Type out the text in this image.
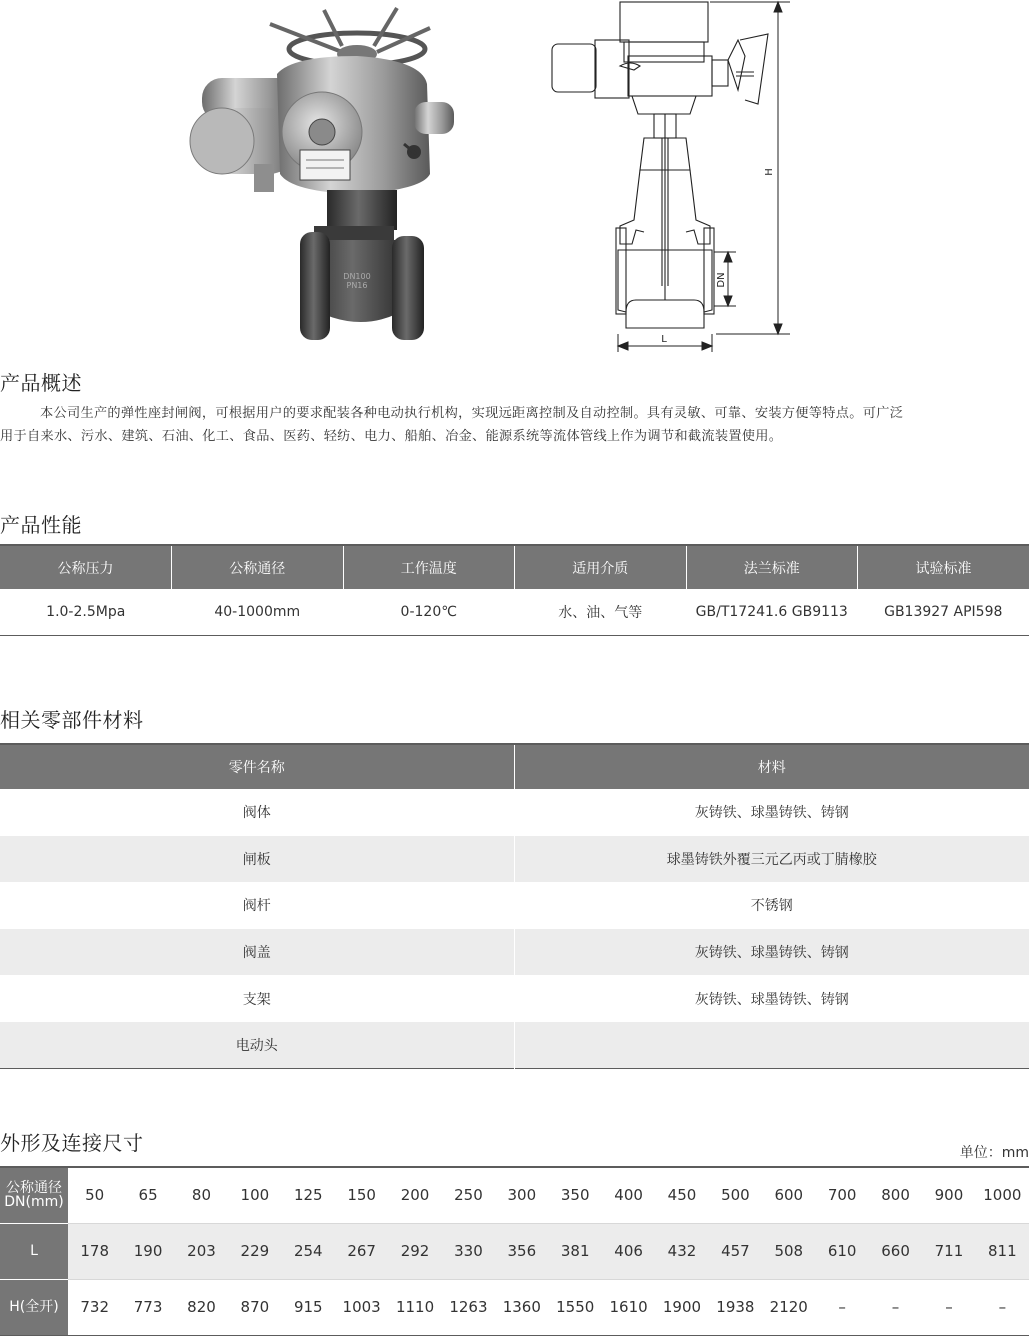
DN100
PN16
H
DN
L
产品概述
本公司生产的弹性座封闸阀，可根据用户的要求配装各种电动执行机构，实现远距离控制及自动控制。具有灵敏、可靠、安装方便等特点。可广泛
用于自来水、污水、建筑、石油、化工、食品、医药、轻纺、电力、船舶、冶金、能源系统等流体管线上作为调节和截流装置使用。
产品性能
公称压力	公称通径	工作温度	适用介质	法兰标准	试验标准
1.0-2.5Mpa	40-1000mm	0-120℃	水、油、气等	GB/T17241.6 GB9113	GB13927 API598
相关零部件材料
零件名称	材料
阀体	灰铸铁、球墨铸铁、铸钢
闸板	球墨铸铁外覆三元乙丙或丁腈橡胶
阀杆	不锈钢
阀盖	灰铸铁、球墨铸铁、铸钢
支架	灰铸铁、球墨铸铁、铸钢
电动头	
外形及连接尺寸	单位：mm
公称通径DN(mm)	50	65	80	100	125	150	200	250	300	350	400	450	500	600	700	800	900	1000
L	178	190	203	229	254	267	292	330	356	381	406	432	457	508	610	660	711	811
H(全开)	732	773	820	870	915	1003	1110	1263	1360	1550	1610	1900	1938	2120	–	–	–	–
